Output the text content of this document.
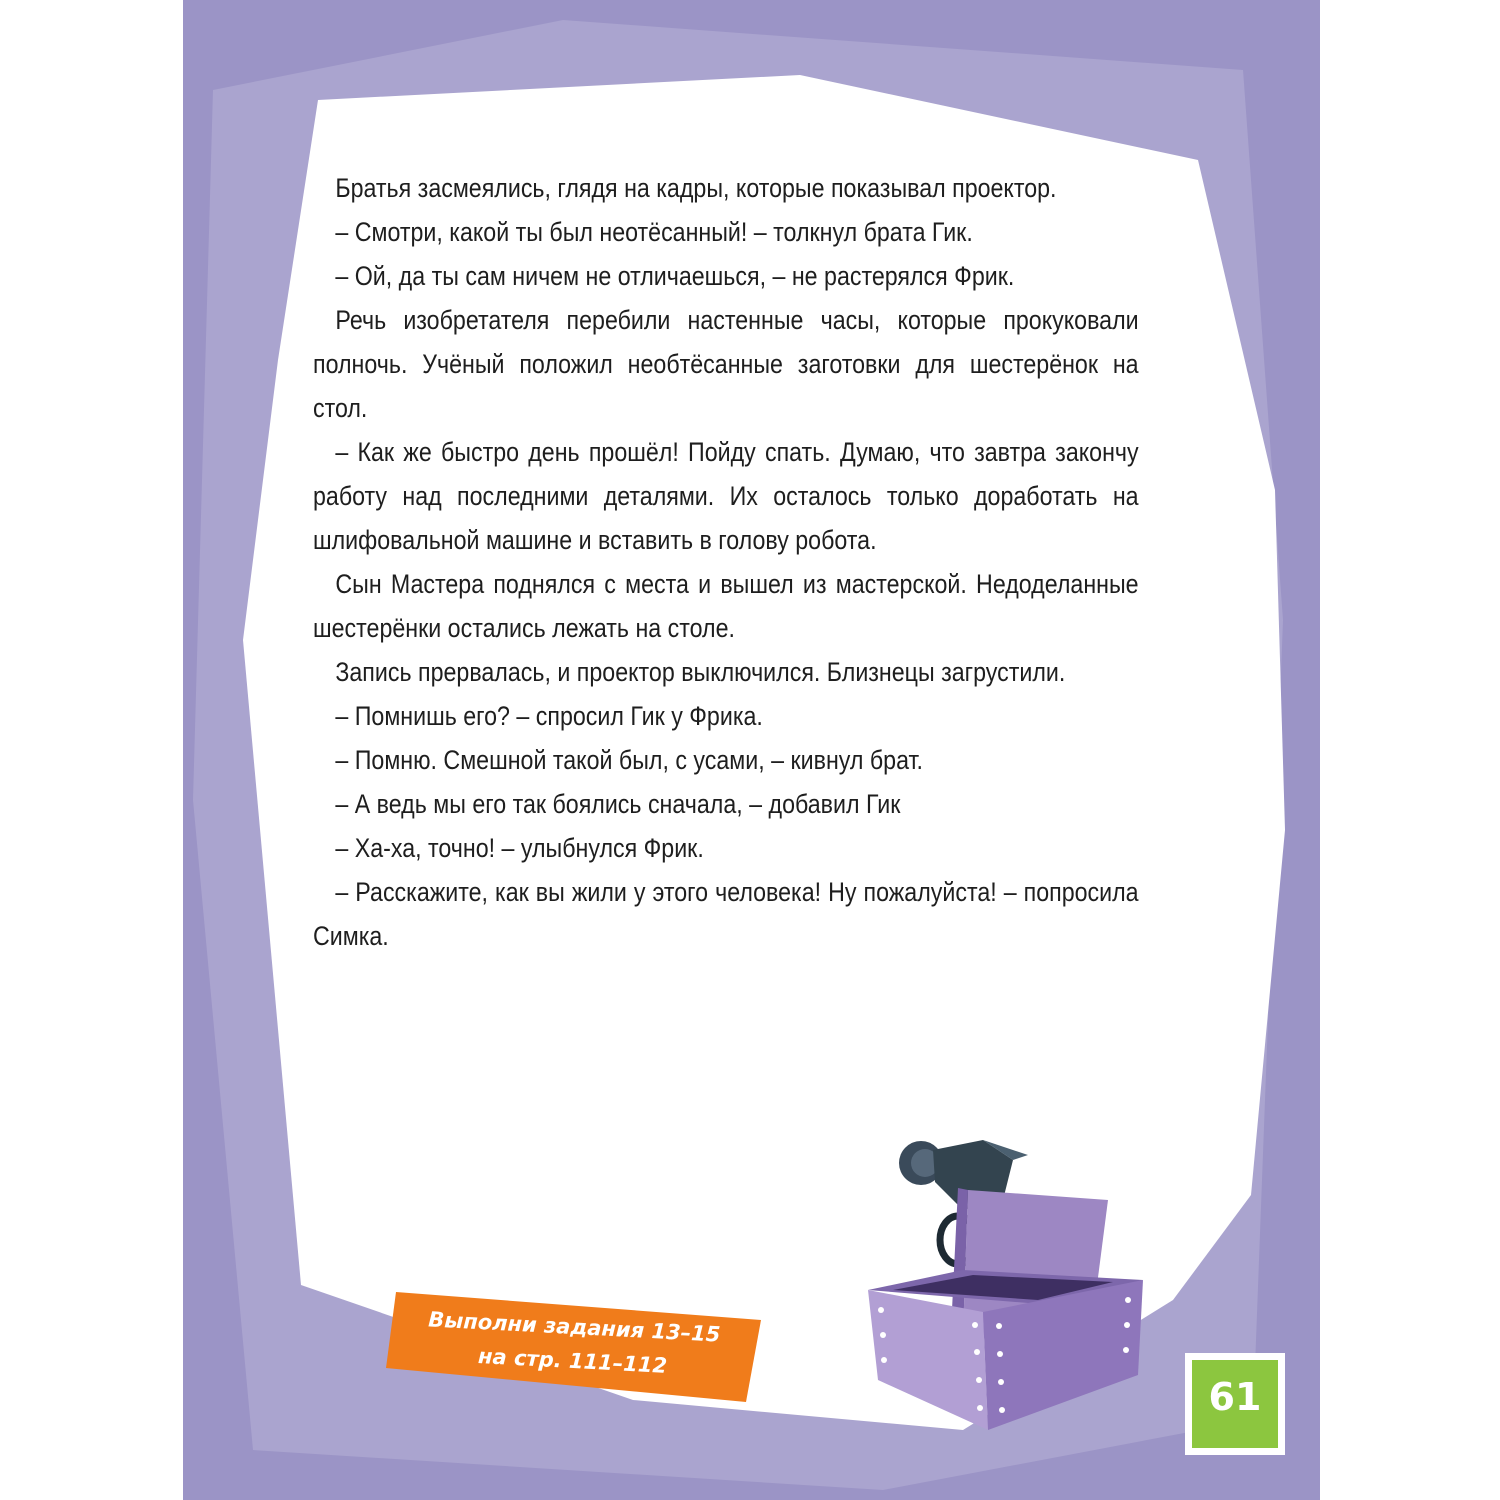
Братья засмеялись, глядя на кадры, которые показывал проектор.

– Смотри, какой ты был неотёсанный! – толкнул брата Гик.

– Ой, да ты сам ничем не отличаешься, – не растерялся Фрик.

Речь изобретателя перебили настенные часы, которые прокуковали полночь. Учёный положил необтёсанные заготовки для шестерёнок на стол.

– Как же быстро день прошёл! Пойду спать. Думаю, что завтра закончу работу над последними деталями. Их осталось только доработать на шлифовальной машине и вставить в голову робота.

Сын Мастера поднялся с места и вышел из мастерской. Недоделанные шестерёнки остались лежать на столе.

Запись прервалась, и проектор выключился. Близнецы загрустили.

– Помнишь его? – спросил Гик у Фрика.

– Помню. Смешной такой был, с усами, – кивнул брат.

– А ведь мы его так боялись сначала, – добавил Гик

– Ха-ха, точно! – улыбнулся Фрик.

– Расскажите, как вы жили у этого человека! Ну пожалуйста! – попросила Симка.

Выполни задания 13–15
на стр. 111–112
61
